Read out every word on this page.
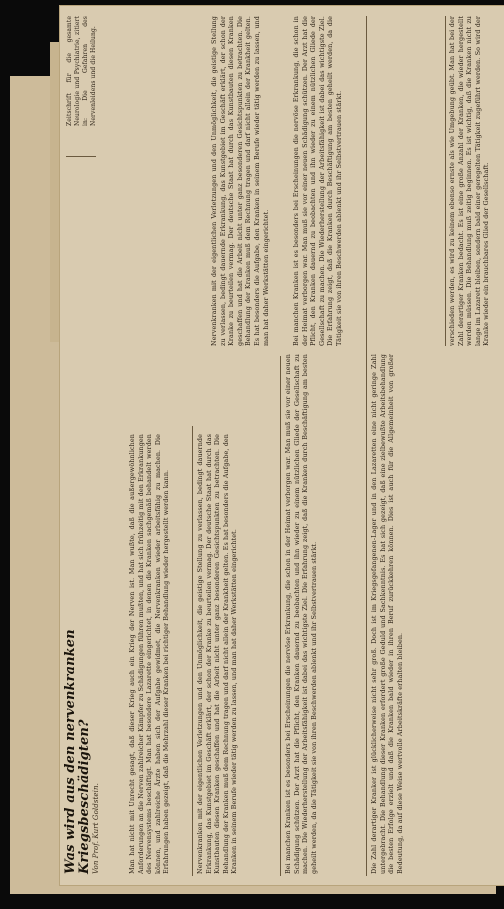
Zeitschrift für die gesamte Neurologie und Psychiatrie, zitiert in: Die Gefahren des Nervenleidens und die Heilung.	verschieden werden, es wird zu keinem ebenso ernste als wie Umgebung geübt. Man hat bei der Zahl derartiger Kranken bedacht. Es ist eine große Anzahl der Kranken, die wieder hergestellt werden müssen. Die Behandlung muß zeitig beginnen. Es ist wichtig, daß die Kranken nicht zu lange im Lazarett bleiben, sondern bald einer geregelten Tätigkeit zugeführt werden. So wird der Kranke wieder ein brauchbares Glied der Gesellschaft.

Was wird aus den nervenkranken Kriegsbeschädigten? Von Prof. Kurt Goldstein.	Man hat nicht mit Unrecht gesagt, daß dieser Krieg auch ein Krieg der Nerven ist. Man wußte, daß die außergewöhnlichen Anforderungen an die Nerven zahlreicher Kämpfer zu Schädigungen führen mußten, und hat sich frühzeitig mit den Erkrankungen des Nervensystems beschäftigt. Man hat besondere Lazarette eingerichtet, in denen die Kranken sachgemäß behandelt werden können, und zahlreiche Ärzte haben sich der Aufgabe gewidmet, die Nervenkranken wieder arbeitsfähig zu machen. Die Erfahrungen haben gezeigt, daß die Mehrzahl dieser Kranken bei richtiger Behandlung wieder hergestellt werden kann.	Nervenkranken mit der eigentlichen Verletzungen und den Unmöglichkeit, die geistige Stellung zu verlassen, bedingt dauernde Erkrankung, das Kunstgebiet im Geschäft erklärt, der schon der Kranke zu beurteilen vermag. Der deutsche Staat hat durch das Kunstbauten diesen Kranken geschaffen und hat die Arbeit nicht unter ganz besonderen Gesichtspunkten zu betrachten. Die Behandlung der Kranken muß dem Rechnung tragen und darf nicht allein der Krankheit gelten. Es hat besonders die Aufgabe, den Kranken in seinem Berufe wieder tätig werden zu lassen, und man hat daher Werkstätten eingerichtet.	Bei manchen Kranken ist es besonders bei Erscheinungen die nervöse Erkrankung, die schon in der Heimat verborgen war. Man muß sie vor einer neuen Schädigung schützen. Der Arzt hat die Pflicht, den Kranken dauernd zu beobachten und ihn wieder zu einem nützlichen Gliede der Gesellschaft zu machen. Die Wiederherstellung der Arbeitsfähigkeit ist dabei das wichtigste Ziel. Die Erfahrung zeigt, daß die Kranken durch Beschäftigung am besten geheilt werden, da die Tätigkeit sie von ihren Beschwerden ablenkt und ihr Selbstvertrauen stärkt.	Die Zahl derartiger Kranker ist glücklicherweise nicht sehr groß. Doch ist im Kriegsgefangenen-Lager und in den Lazaretten eine nicht geringe Zahl untergebracht. Die Behandlung dieser Kranken erfordert große Geduld und Sachkenntnis. Es hat sich gezeigt, daß eine zielbewußte Arbeitsbehandlung die besten Erfolge erzielt und daß die Kranken bald wieder in ihren Beruf zurückkehren können. Dies ist auch für die Allgemeinheit von großer Bedeutung, da auf diese Weise wertvolle Arbeitskräfte erhalten bleiben.

Nervenkranken mit der eigentlichen Verletzungen und den Unmöglichkeit, die geistige Stellung zu verlassen, bedingt dauernde Erkrankung, das Kunstgebiet im Geschäft erklärt, der schon der Kranke zu beurteilen vermag. Der deutsche Staat hat durch das Kunstbauten diesen Kranken geschaffen und hat die Arbeit nicht unter ganz besonderen Gesichtspunkten zu betrachten. Die Behandlung der Kranken muß dem Rechnung tragen und darf nicht allein der Krankheit gelten. Es hat besonders die Aufgabe, den Kranken in seinem Berufe wieder tätig werden zu lassen, und man hat daher Werkstätten eingerichtet.	Bei manchen Kranken ist es besonders bei Erscheinungen die nervöse Erkrankung, die schon in der Heimat verborgen war. Man muß sie vor einer neuen Schädigung schützen. Der Arzt hat die Pflicht, den Kranken dauernd zu beobachten und ihn wieder zu einem nützlichen Gliede der Gesellschaft zu machen. Die Wiederherstellung der Arbeitsfähigkeit ist dabei das wichtigste Ziel. Die Erfahrung zeigt, daß die Kranken durch Beschäftigung am besten geheilt werden, da die Tätigkeit sie von ihren Beschwerden ablenkt und ihr Selbstvertrauen stärkt.
